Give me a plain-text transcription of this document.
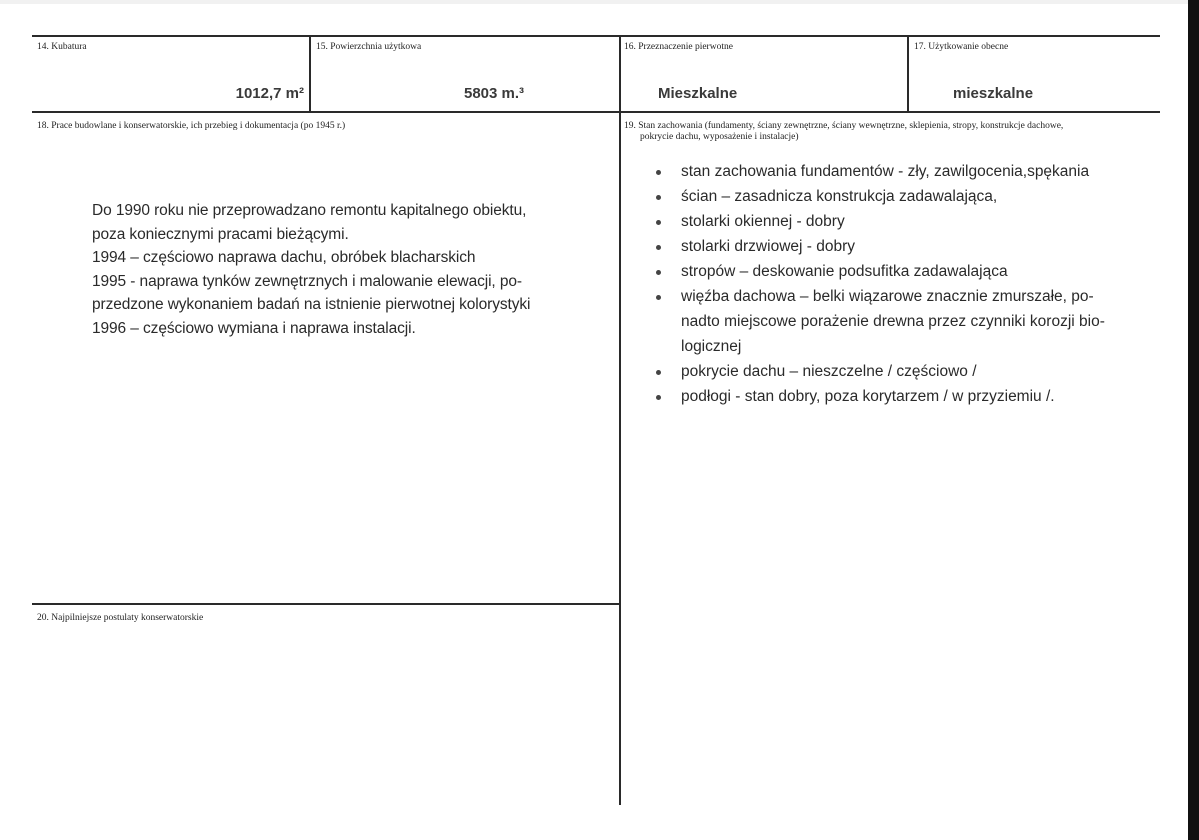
14. Kubatura
1012,7 m²
15. Powierzchnia użytkowa
5803 m.³
16. Przeznaczenie pierwotne
Mieszkalne
17. Użytkowanie obecne
mieszkalne
18. Prace budowlane i konserwatorskie, ich przebieg i dokumentacja (po 1945 r.)
Do 1990 roku nie przeprowadzano remontu kapitalnego obiektu,
poza koniecznymi pracami bieżącymi.
1994 – częściowo naprawa dachu, obróbek blacharskich
1995 - naprawa tynków zewnętrznych i malowanie elewacji, po-
przedzone wykonaniem badań na istnienie pierwotnej kolorystyki
1996 – częściowo wymiana i naprawa instalacji.
19. Stan zachowania (fundamenty, ściany zewnętrzne, ściany wewnętrzne, sklepienia, stropy, konstrukcje dachowe,
pokrycie dachu, wyposażenie i instalacje)
stan zachowania fundamentów - zły, zawilgocenia,spękania
ścian – zasadnicza konstrukcja zadawalająca,
stolarki okiennej - dobry
stolarki drzwiowej - dobry
stropów – deskowanie podsufitka zadawalająca
więźba dachowa – belki wiązarowe znacznie zmurszałe, po-
nadto miejscowe porażenie drewna przez czynniki korozji bio-
logicznej
pokrycie dachu – nieszczelne / częściowo /
podłogi - stan dobry, poza korytarzem / w przyziemiu /.
20. Najpilniejsze postulaty konserwatorskie
